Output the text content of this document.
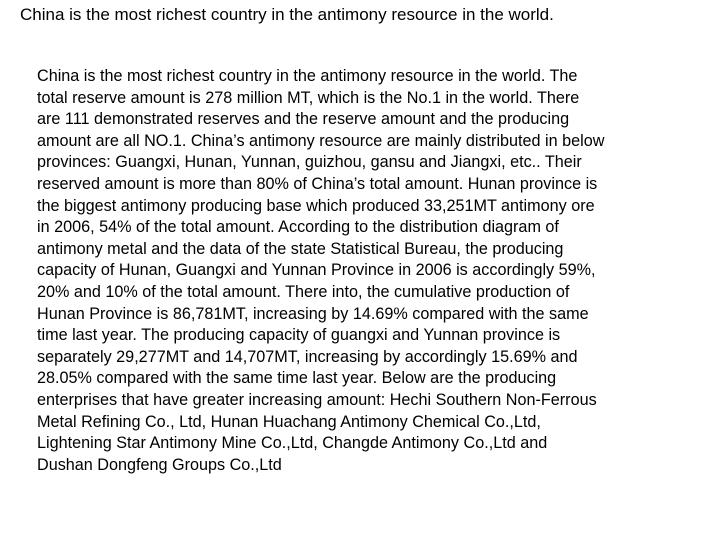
China is the most richest country in the antimony resource in the world.
China is the most richest country in the antimony resource in the world. The
total reserve amount is 278 million MT, which is the No.1 in the world. There
are 111 demonstrated reserves and the reserve amount and the producing
amount are all NO.1. China’s antimony resource are mainly distributed in below
provinces: Guangxi, Hunan, Yunnan, guizhou, gansu and Jiangxi, etc.. Their
reserved amount is more than 80% of China’s total amount. Hunan province is
the biggest antimony producing base which produced 33,251MT antimony ore
in 2006, 54% of the total amount. According to the distribution diagram of
antimony metal and the data of the state Statistical Bureau, the producing
capacity of Hunan, Guangxi and Yunnan Province in 2006 is accordingly 59%,
20% and 10% of the total amount. There into, the cumulative production of
Hunan Province is 86,781MT, increasing by 14.69% compared with the same
time last year. The producing capacity of guangxi and Yunnan province is
separately 29,277MT and 14,707MT, increasing by accordingly 15.69% and
28.05% compared with the same time last year. Below are the producing
enterprises that have greater increasing amount: Hechi Southern Non-Ferrous
Metal Refining Co., Ltd, Hunan Huachang Antimony Chemical Co.,Ltd,
Lightening Star Antimony Mine Co.,Ltd, Changde Antimony Co.,Ltd and
Dushan Dongfeng Groups Co.,Ltd
